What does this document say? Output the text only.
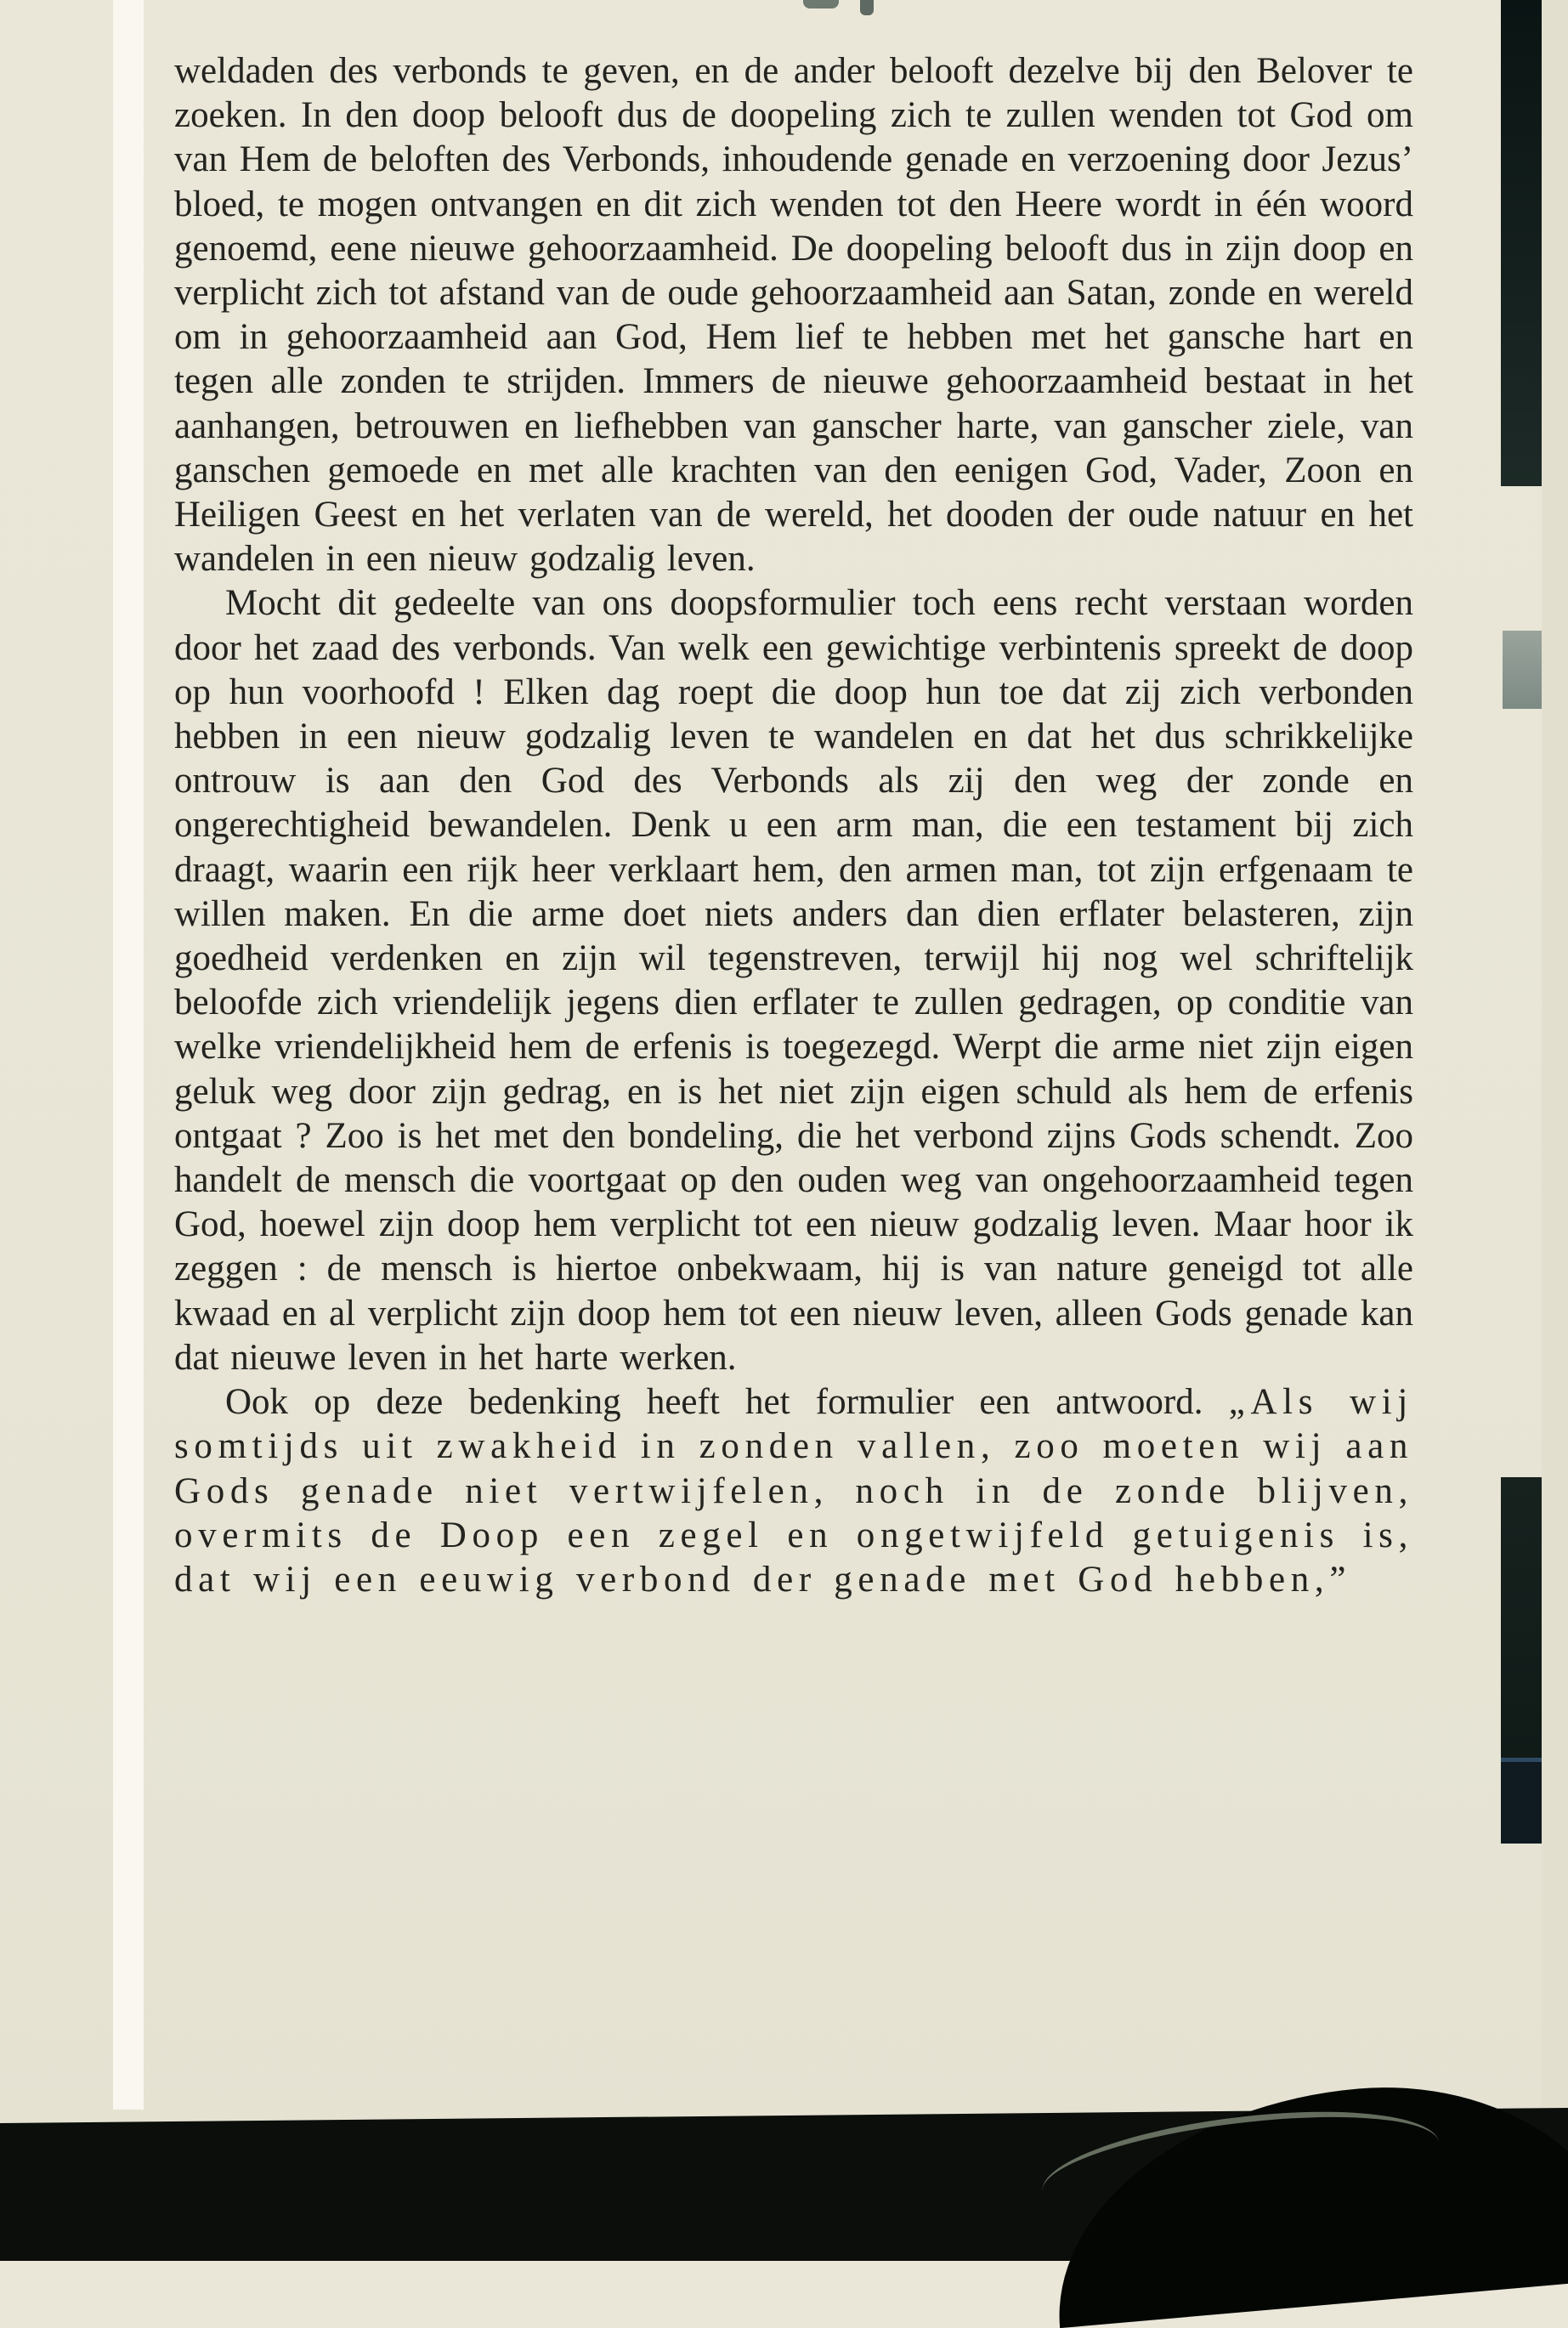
weldaden des verbonds te geven, en de ander belooft dezelve bij den Belover te zoeken. In den doop belooft dus de doopeling zich te zullen wenden tot God om van Hem de beloften des Verbonds, inhoudende genade en verzoening door Jezus’ bloed, te mogen ontvangen en dit zich wenden tot den Heere wordt in één woord genoemd, eene nieuwe gehoorzaamheid. De doopeling belooft dus in zijn doop en verplicht zich tot afstand van de oude gehoorzaamheid aan Satan, zonde en wereld om in gehoorzaamheid aan God, Hem lief te hebben met het gansche hart en tegen alle zonden te strijden. Immers de nieuwe gehoorzaamheid bestaat in het aanhangen, betrouwen en liefhebben van ganscher harte, van ganscher ziele, van ganschen gemoede en met alle krachten van den eenigen God, Vader, Zoon en Heiligen Geest en het verlaten van de wereld, het dooden der oude natuur en het wandelen in een nieuw godzalig leven.

Mocht dit gedeelte van ons doopsformulier toch eens recht verstaan worden door het zaad des verbonds. Van welk een gewichtige verbintenis spreekt de doop op hun voorhoofd ! Elken dag roept die doop hun toe dat zij zich verbonden hebben in een nieuw godzalig leven te wandelen en dat het dus schrikkelijke ontrouw is aan den God des Verbonds als zij den weg der zonde en ongerechtigheid bewandelen. Denk u een arm man, die een testament bij zich draagt, waarin een rijk heer verklaart hem, den armen man, tot zijn erfgenaam te willen maken. En die arme doet niets anders dan dien erflater belasteren, zijn goedheid verdenken en zijn wil tegenstreven, terwijl hij nog wel schriftelijk beloofde zich vriendelijk jegens dien erflater te zullen gedragen, op conditie van welke vriendelijkheid hem de erfenis is toegezegd. Werpt die arme niet zijn eigen geluk weg door zijn gedrag, en is het niet zijn eigen schuld als hem de erfenis ontgaat ? Zoo is het met den bondeling, die het verbond zijns Gods schendt. Zoo handelt de mensch die voortgaat op den ouden weg van ongehoorzaamheid tegen God, hoewel zijn doop hem verplicht tot een nieuw godzalig leven. Maar hoor ik zeggen : de mensch is hiertoe onbekwaam, hij is van nature geneigd tot alle kwaad en al verplicht zijn doop hem tot een nieuw leven, alleen Gods genade kan dat nieuwe leven in het harte werken.

Ook op deze bedenking heeft het formulier een antwoord. „Als wij somtijds uit zwakheid in zonden vallen, zoo moeten wij aan Gods genade niet vertwijfelen, noch in de zonde blijven, overmits de Doop een zegel en ongetwijfeld getuigenis is, dat wij een eeuwig verbond der genade met God hebben,”
